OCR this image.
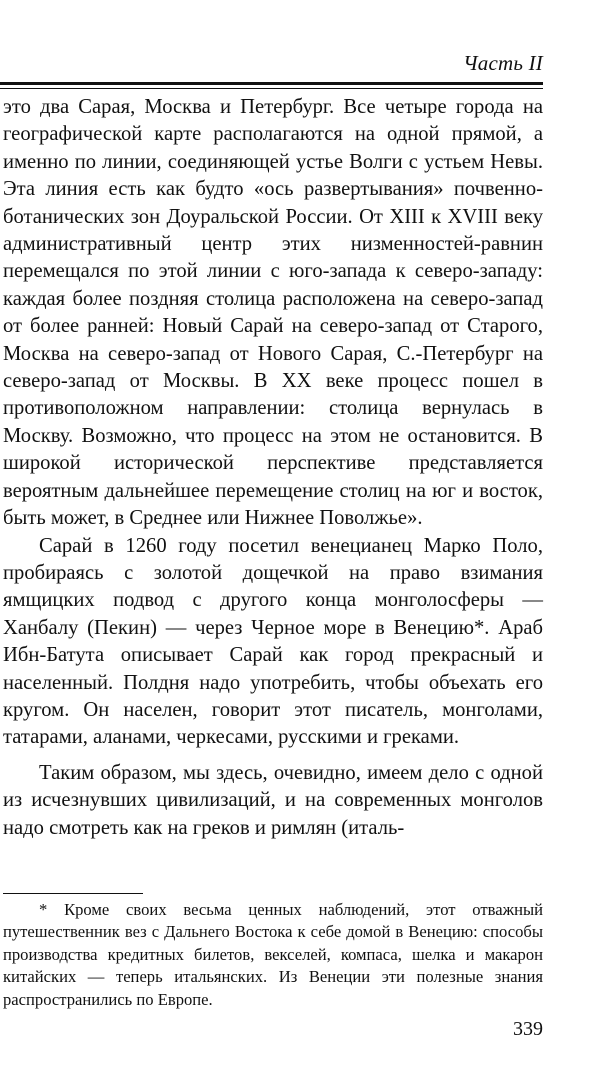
Часть II

это два Сарая, Москва и Петербург. Все четыре города на географической карте располагаются на одной прямой, а именно по линии, соединяющей устье Волги с устьем Невы. Эта линия есть как будто «ось развертывания» почвенно-ботанических зон Доуральской России. От XIII к XVIII веку административный центр этих низменностей-равнин перемещался по этой линии с юго-запада к северо-западу: каждая более поздняя столица расположена на северо-запад от более ранней: Новый Сарай на северо-запад от Старого, Москва на северо-запад от Нового Сарая, С.-Петербург на северо-запад от Москвы. В XX веке процесс пошел в противоположном направлении: столица вернулась в Москву. Возможно, что процесс на этом не остановится. В широкой исторической перспективе представляется вероятным дальнейшее перемещение столиц на юг и восток, быть может, в Среднее или Нижнее Поволжье».

Сарай в 1260 году посетил венецианец Марко Поло, пробираясь с золотой дощечкой на право взимания ямщицких подвод с другого конца монголосферы — Ханбалу (Пекин) — через Черное море в Венецию*. Араб Ибн-Батута описывает Сарай как город прекрасный и населенный. Полдня надо употребить, чтобы объехать его кругом. Он населен, говорит этот писатель, монголами, татарами, аланами, черкесами, русскими и греками.

Таким образом, мы здесь, очевидно, имеем дело с одной из исчезнувших цивилизаций, и на современных монголов надо смотреть как на греков и римлян (италь-

* Кроме своих весьма ценных наблюдений, этот отважный путешественник вез с Дальнего Востока к себе домой в Венецию: способы производства кредитных билетов, векселей, компаса, шелка и макарон китайских — теперь итальянских. Из Венеции эти полезные знания распространились по Европе.

339
